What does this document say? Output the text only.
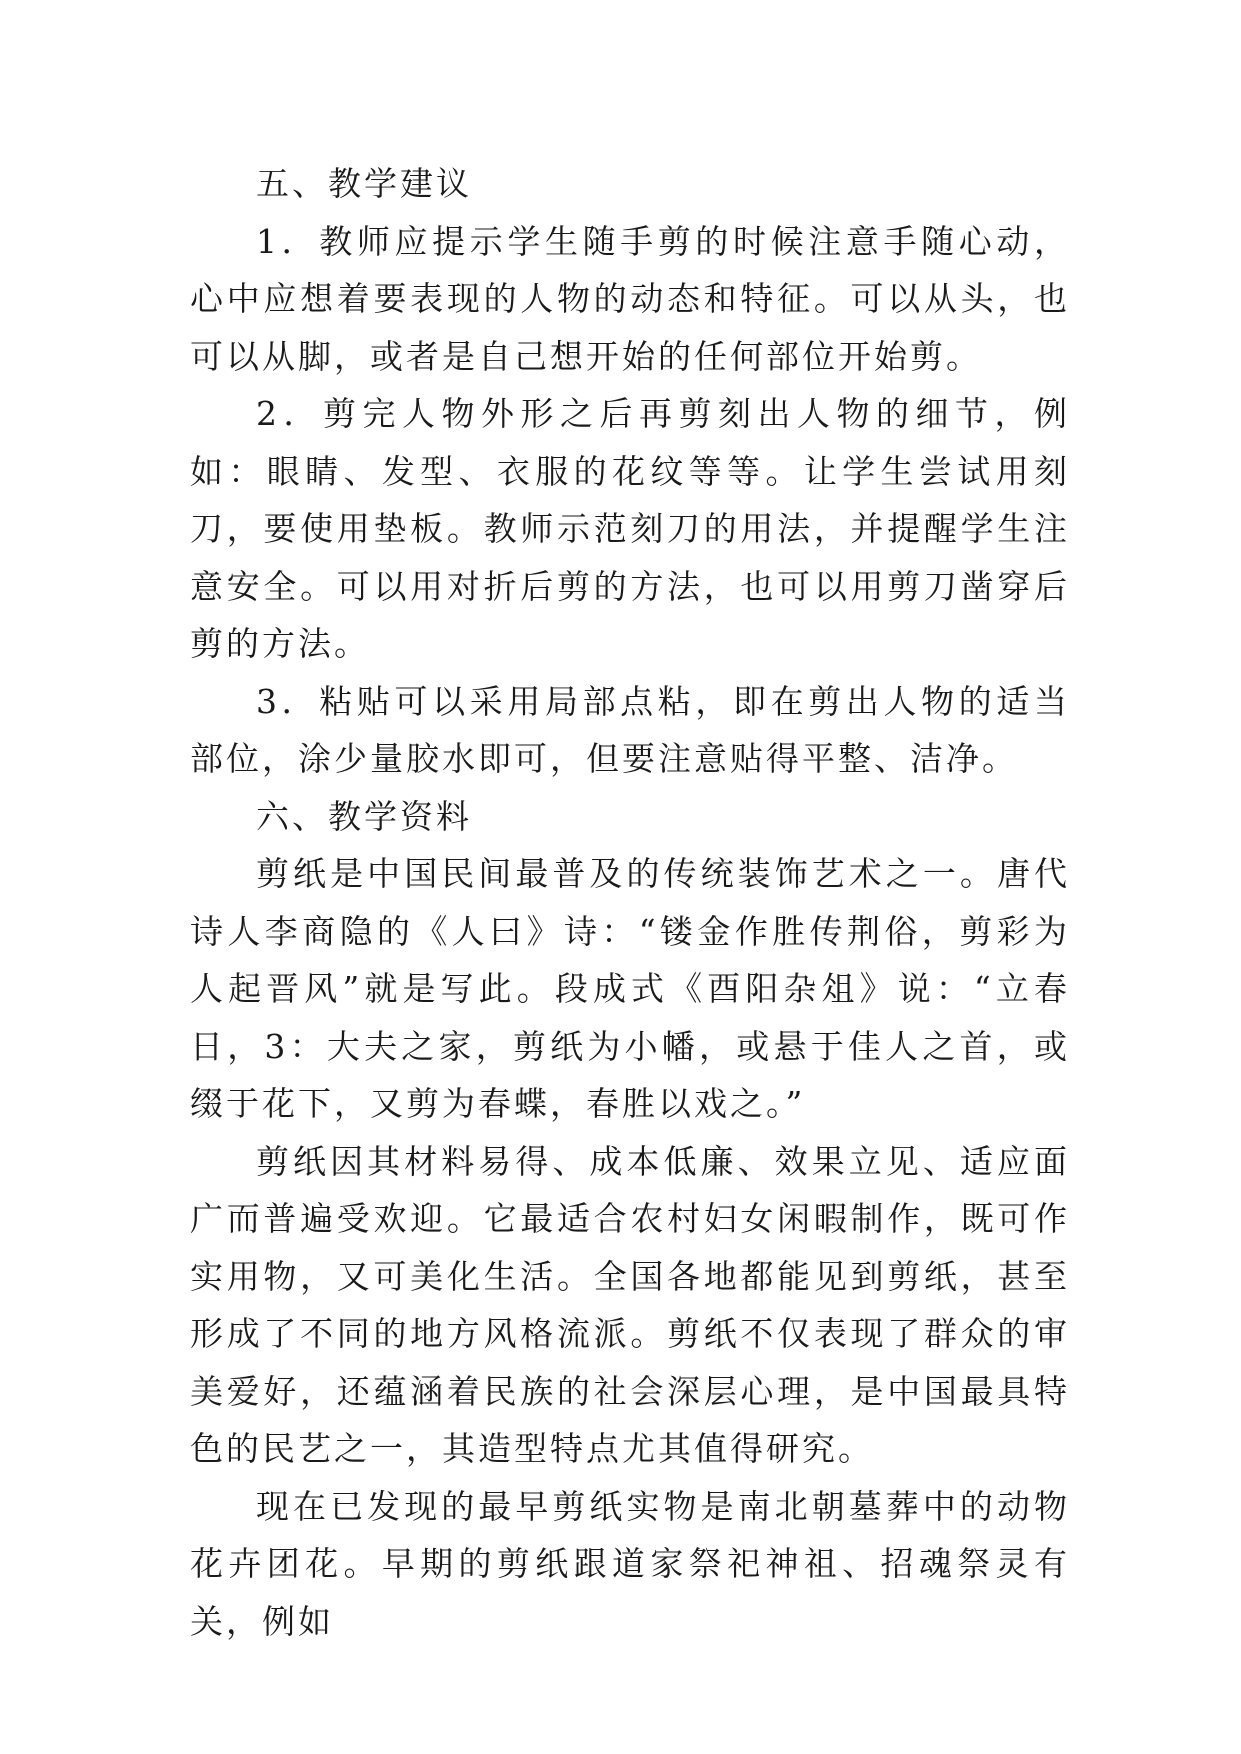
五、教学建议

1．教师应提示学生随手剪的时候注意手随心动，心中应想着要表现的人物的动态和特征。可以从头，也可以从脚，或者是自己想开始的任何部位开始剪。

2．剪完人物外形之后再剪刻出人物的细节，例如：眼睛、发型、衣服的花纹等等。让学生尝试用刻刀，要使用垫板。教师示范刻刀的用法，并提醒学生注意安全。可以用对折后剪的方法，也可以用剪刀凿穿后剪的方法。

3．粘贴可以采用局部点粘，即在剪出人物的适当部位，涂少量胶水即可，但要注意贴得平整、洁净。

六、教学资料

剪纸是中国民间最普及的传统装饰艺术之一。唐代诗人李商隐的《人曰》诗：“镂金作胜传荆俗，剪彩为人起晋风”就是写此。段成式《酉阳杂俎》说：“立春日，3：大夫之家，剪纸为小幡，或悬于佳人之首，或缀于花下，又剪为春蝶，春胜以戏之。”

剪纸因其材料易得、成本低廉、效果立见、适应面广而普遍受欢迎。它最适合农村妇女闲暇制作，既可作实用物，又可美化生活。全国各地都能见到剪纸，甚至形成了不同的地方风格流派。剪纸不仅表现了群众的审美爱好，还蕴涵着民族的社会深层心理，是中国最具特色的民艺之一，其造型特点尤其值得研究。

现在已发现的最早剪纸实物是南北朝墓葬中的动物花卉团花。早期的剪纸跟道家祭祀神祖、招魂祭灵有关，例如
